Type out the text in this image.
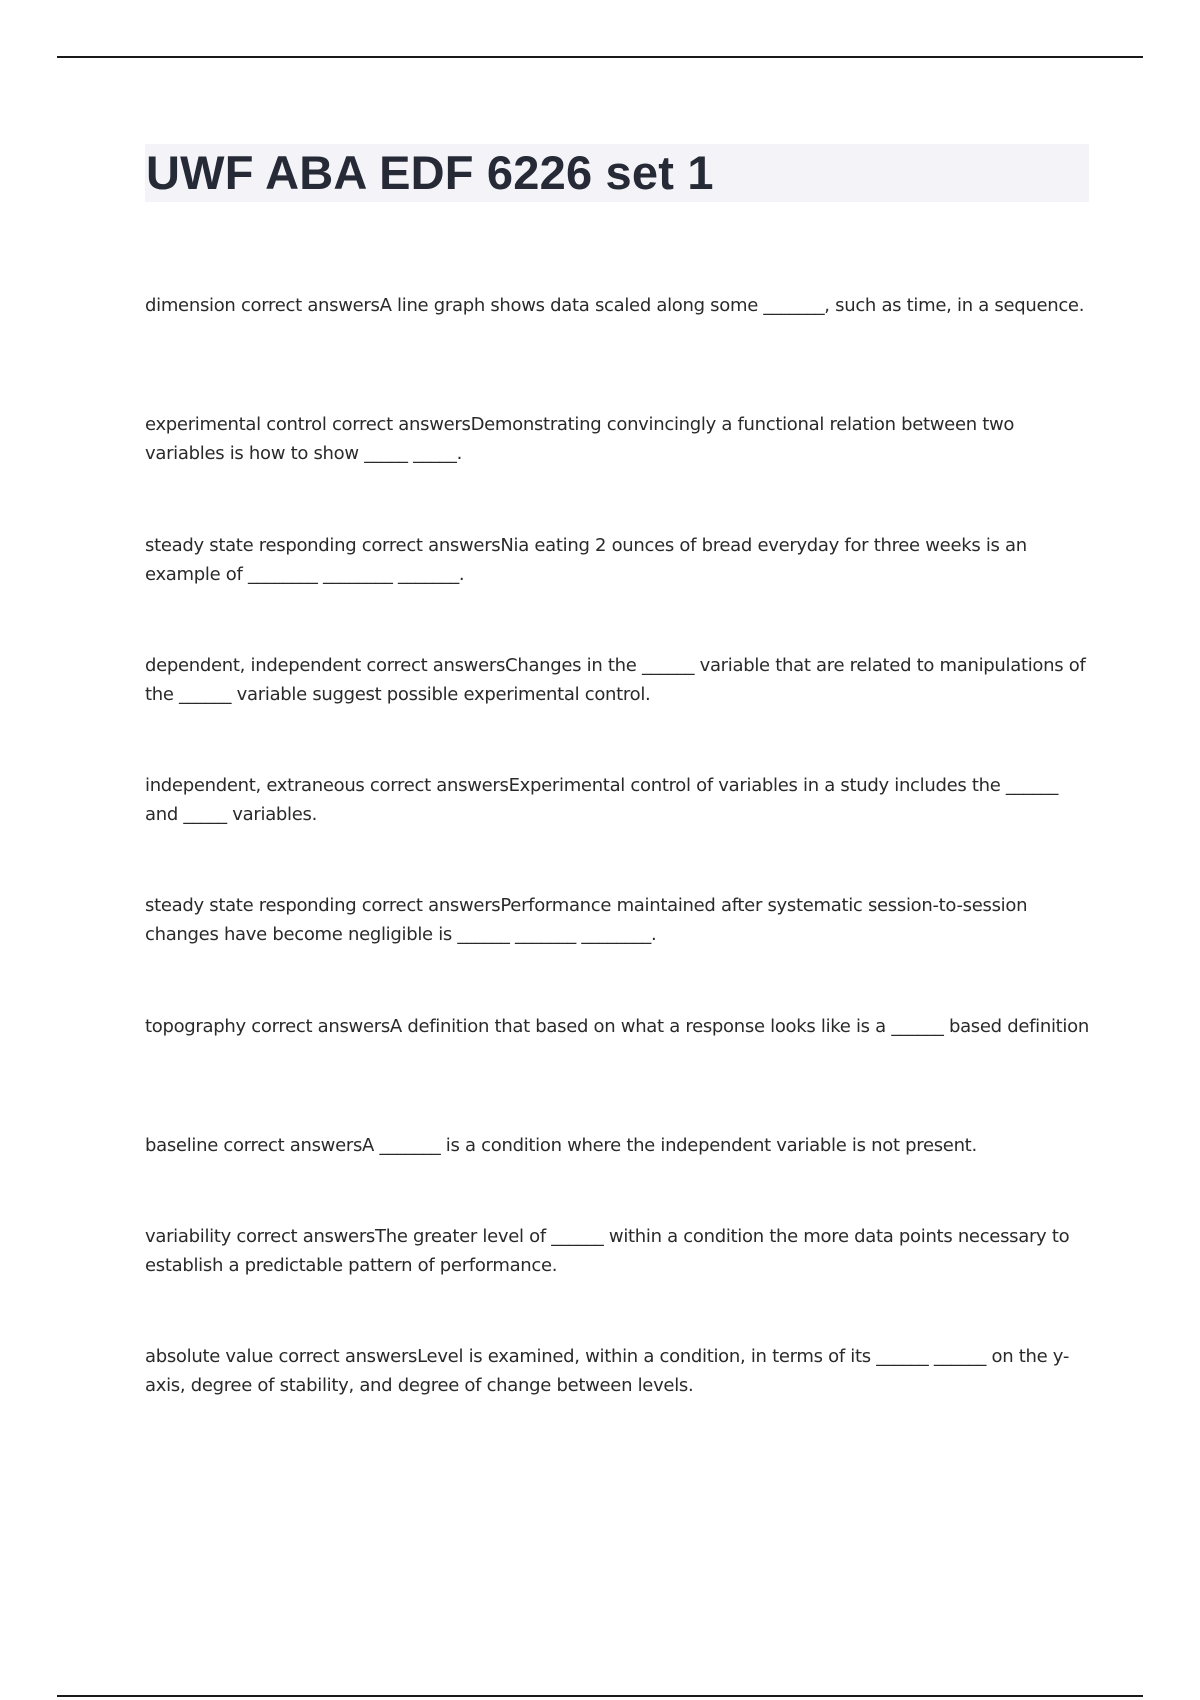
UWF ABA EDF 6226 set 1

dimension correct answersA line graph shows data scaled along some _______, such as time, in a sequence.

experimental control correct answersDemonstrating convincingly a functional relation between two variables is how to show _____ _____.

steady state responding correct answersNia eating 2 ounces of bread everyday for three weeks is an example of ________ ________ _______.

dependent, independent correct answersChanges in the ______ variable that are related to manipulations of the ______ variable suggest possible experimental control.

independent, extraneous correct answersExperimental control of variables in a study includes the ______ and _____ variables.

steady state responding correct answersPerformance maintained after systematic session-to-session changes have become negligible is ______ _______ ________.

topography correct answersA definition that based on what a response looks like is a ______ based definition

baseline correct answersA _______ is a condition where the independent variable is not present.

variability correct answersThe greater level of ______ within a condition the more data points necessary to establish a predictable pattern of performance.

absolute value correct answersLevel is examined, within a condition, in terms of its ______ ______ on the y-axis, degree of stability, and degree of change between levels.
